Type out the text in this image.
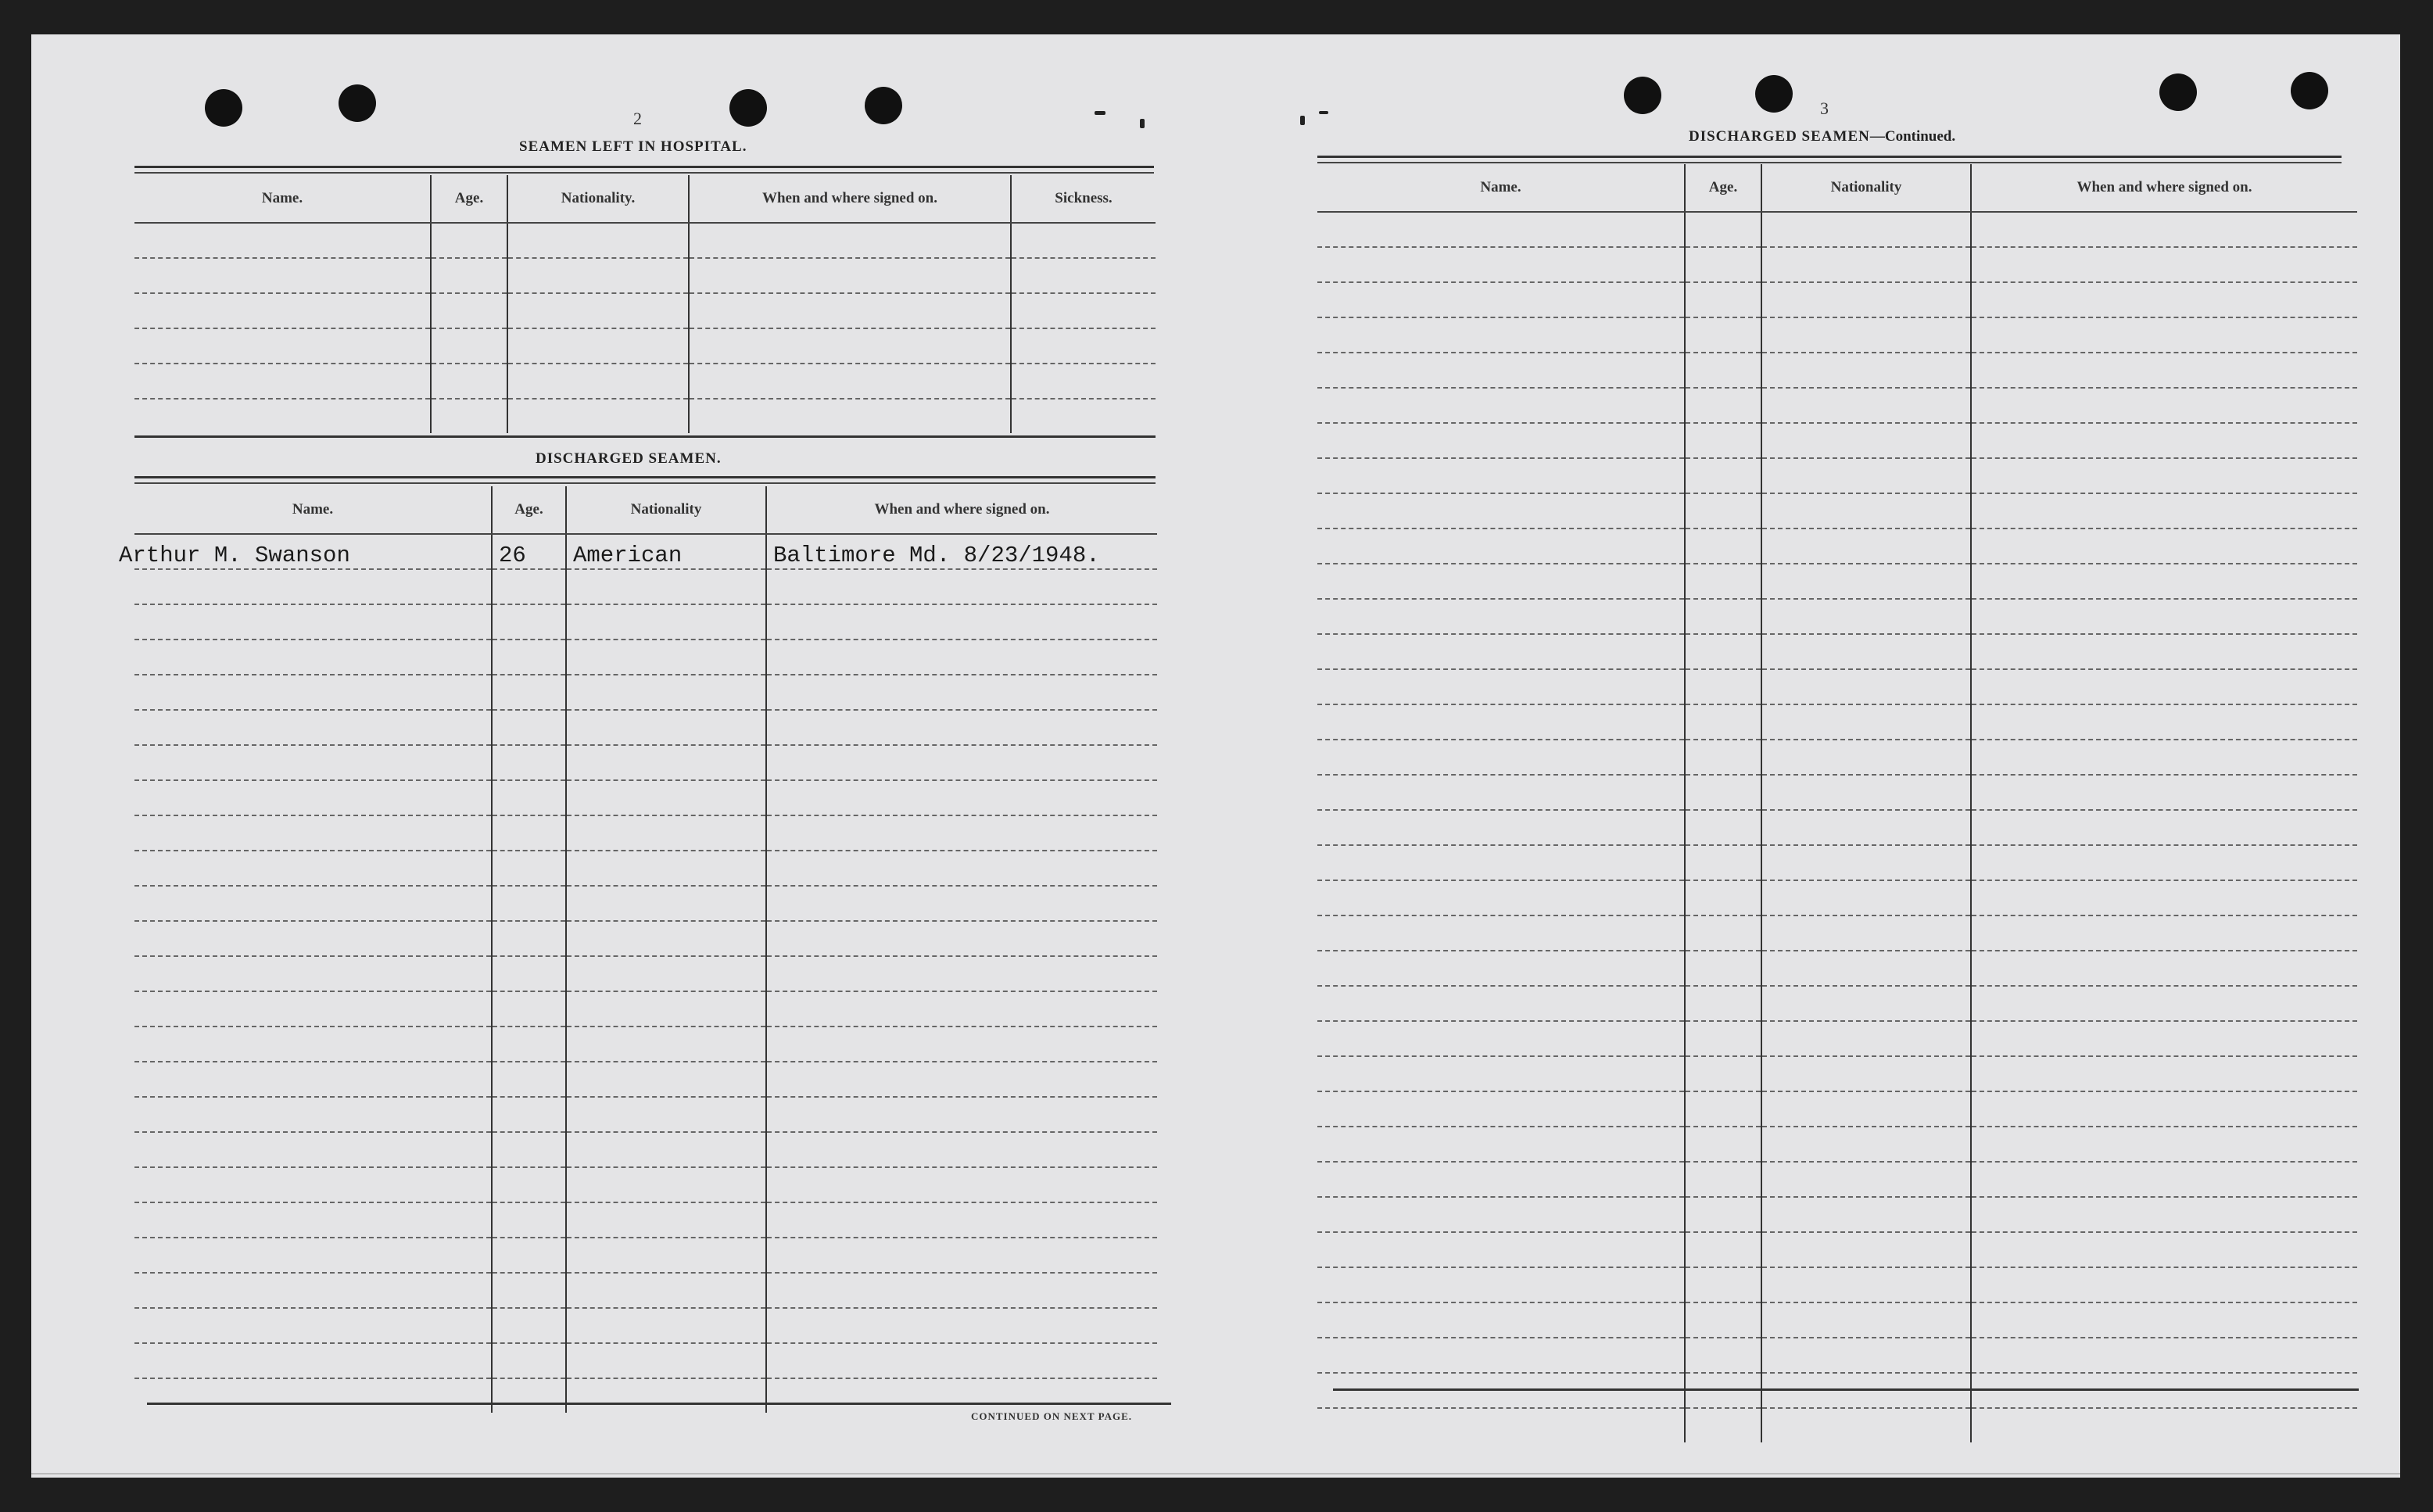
2
SEAMEN LEFT IN HOSPITAL.
Name.	Age.	Nationality.	When and where signed on.	Sickness.

DISCHARGED SEAMEN.
Name.	Age.	Nationality	When and where signed on.
Arthur M. Swanson	26	American	Baltimore Md. 8/23/1948.

CONTINUED ON NEXT PAGE.
3
DISCHARGED SEAMEN—Continued.
Name.	Age.	Nationality	When and where signed on.
